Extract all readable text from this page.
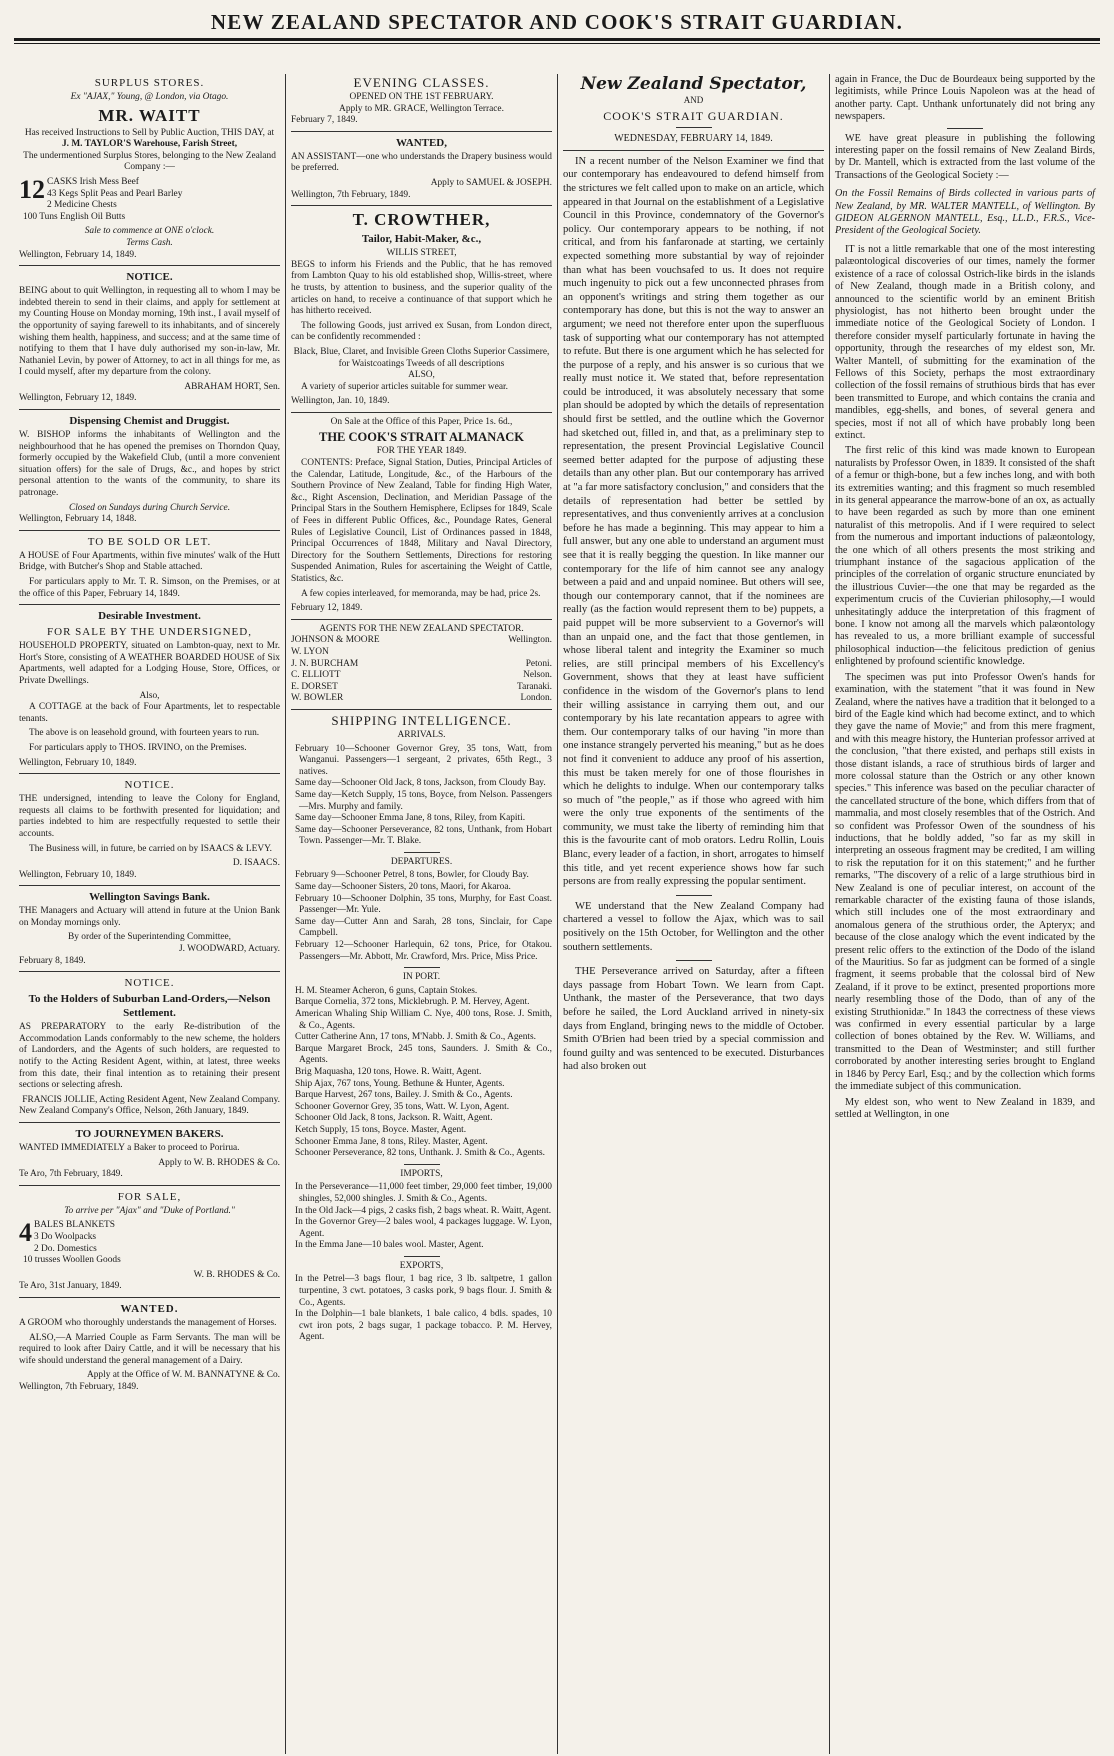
NEW ZEALAND SPECTATOR AND COOK'S STRAIT GUARDIAN.
SURPLUS STORES.
Ex "AJAX," Young, @ London, via Otago.
MR. WAITT
Has received Instructions to Sell by Public Auction, THIS DAY, at
J. M. TAYLOR'S Warehouse, Farish Street,
The undermentioned Surplus Stores, belonging to the New Zealand Company :—
12 CASKS Irish Mess Beef
43 Kegs Split Peas and Pearl Barley
2 Medicine Chests
100 Tuns English Oil Butts
Sale to commence at ONE o'clock.
Terms Cash.
Wellington, February 14, 1849.
NOTICE.

BEING about to quit Wellington, in requesting all to whom I may be indebted therein to send in their claims, and apply for settlement at my Counting House on Monday morning, 19th inst., I avail myself of the opportunity of saying farewell to its inhabitants, and of sincerely wishing them health, happiness, and success; and at the same time of notifying to them that I have duly authorised my son-in-law, Mr. Nathaniel Levin, by power of Attorney, to act in all things for me, as I could myself, after my departure from the colony.

ABRAHAM HORT, Sen.
Wellington, February 12, 1849.
Dispensing Chemist and Druggist.

W. BISHOP informs the inhabitants of Wellington and the neighbourhood that he has opened the premises on Thorndon Quay, formerly occupied by the Wakefield Club, (until a more convenient situation offers) for the sale of Drugs, &c., and hopes by strict personal attention to the wants of the community, to share its patronage.

Closed on Sundays during Church Service.
Wellington, February 14, 1848.
TO BE SOLD OR LET.

A HOUSE of Four Apartments, within five minutes' walk of the Hutt Bridge, with Butcher's Shop and Stable attached.

For particulars apply to Mr. T. R. Simson, on the Premises, or at the office of this Paper, February 14, 1849.

Desirable Investment.
FOR SALE BY THE UNDERSIGNED,

HOUSEHOLD PROPERTY, situated on Lambton-quay, next to Mr. Hort's Store, consisting of A WEATHER BOARDED HOUSE of Six Apartments, well adapted for a Lodging House, Store, Offices, or Private Dwellings.

Also,

A COTTAGE at the back of Four Apartments, let to respectable tenants.

The above is on leasehold ground, with fourteen years to run.

For particulars apply to THOS. IRVINO, on the Premises.

Wellington, February 10, 1849.
NOTICE.

THE undersigned, intending to leave the Colony for England, requests all claims to be forthwith presented for liquidation; and parties indebted to him are respectfully requested to settle their accounts.

The Business will, in future, be carried on by ISAACS & LEVY.

D. ISAACS.
Wellington, February 10, 1849.
Wellington Savings Bank.

THE Managers and Actuary will attend in future at the Union Bank on Monday mornings only.

By order of the Superintending Committee,
J. WOODWARD, Actuary.
February 8, 1849.
NOTICE.
To the Holders of Suburban Land-Orders,—Nelson Settlement.

AS PREPARATORY to the early Re-distribution of the Accommodation Lands conformably to the new scheme, the holders of Landorders, and the Agents of such holders, are requested to notify to the Acting Resident Agent, within, at latest, three weeks from this date, their final intention as to retaining their present sections or selecting afresh.

FRANCIS JOLLIE, Acting Resident Agent, New Zealand Company.
New Zealand Company's Office, Nelson, 26th January, 1849.
TO JOURNEYMEN BAKERS.

WANTED IMMEDIATELY a Baker to proceed to Porirua.

Apply to W. B. RHODES & Co.
Te Aro, 7th February, 1849.
FOR SALE,
To arrive per "Ajax" and "Duke of Portland."
4 BALES BLANKETS
3 Do Woolpacks
2 Do. Domestics
10 trusses Woollen Goods
W. B. RHODES & Co.
Te Aro, 31st January, 1849.
WANTED.

A GROOM who thoroughly understands the management of Horses.

ALSO,—A Married Couple as Farm Servants. The man will be required to look after Dairy Cattle, and it will be necessary that his wife should understand the general management of a Dairy.

Apply at the Office of W. M. BANNATYNE & Co.
Wellington, 7th February, 1849.
EVENING CLASSES.
OPENED ON THE 1ST FEBRUARY.
Apply to MR. GRACE, Wellington Terrace.
February 7, 1849.
WANTED,

AN ASSISTANT—one who understands the Drapery business would be preferred.

Apply to SAMUEL & JOSEPH.
Wellington, 7th February, 1849.
T. CROWTHER,
Tailor, Habit-Maker, &c.,
WILLIS STREET,

BEGS to inform his Friends and the Public, that he has removed from Lambton Quay to his old established shop, Willis-street, where he trusts, by attention to business, and the superior quality of the articles on hand, to receive a continuance of that support which he has hitherto received.

The following Goods, just arrived ex Susan, from London direct, can be confidently recommended :

Black, Blue, Claret, and Invisible Green Cloths Superior Cassimere, for Waistcoatings Tweeds of all descriptions
ALSO,

A variety of superior articles suitable for summer wear.

Wellington, Jan. 10, 1849.
On Sale at the Office of this Paper, Price 1s. 6d.,
THE COOK'S STRAIT ALMANACK
FOR THE YEAR 1849.

CONTENTS: Preface, Signal Station, Duties, Principal Articles of the Calendar, Latitude, Longitude, &c., of the Harbours of the Southern Province of New Zealand, Table for finding High Water, &c., Right Ascension, Declination, and Meridian Passage of the Principal Stars in the Southern Hemisphere, Eclipses for 1849, Scale of Fees in different Public Offices, &c., Poundage Rates, General Rules of Legislative Council, List of Ordinances passed in 1848, Principal Occurrences of 1848, Military and Naval Directory, Directory for the Southern Settlements, Directions for restoring Suspended Animation, Rules for ascertaining the Weight of Cattle, Statistics, &c.

A few copies interleaved, for memoranda, may be had, price 2s.

February 12, 1849.
AGENTS FOR THE NEW ZEALAND SPECTATOR.
JOHNSON & MOORE	Wellington.
W. LYON
J. N. BURCHAM	Petoni.
C. ELLIOTT	Nelson.
E. DORSET	Taranaki.
W. BOWLER	London.
SHIPPING INTELLIGENCE.
ARRIVALS.
February 10—Schooner Governor Grey, 35 tons, Watt, from Wanganui. Passengers—1 sergeant, 2 privates, 65th Regt., 3 natives.
Same day—Schooner Old Jack, 8 tons, Jackson, from Cloudy Bay.
Same day—Ketch Supply, 15 tons, Boyce, from Nelson. Passengers—Mrs. Murphy and family.
Same day—Schooner Emma Jane, 8 tons, Riley, from Kapiti.
Same day—Schooner Perseverance, 82 tons, Unthank, from Hobart Town. Passenger—Mr. T. Blake.
DEPARTURES.
February 9—Schooner Petrel, 8 tons, Bowler, for Cloudy Bay.
Same day—Schooner Sisters, 20 tons, Maori, for Akaroa.
February 10—Schooner Dolphin, 35 tons, Murphy, for East Coast. Passenger—Mr. Yule.
Same day—Cutter Ann and Sarah, 28 tons, Sinclair, for Cape Campbell.
February 12—Schooner Harlequin, 62 tons, Price, for Otakou. Passengers—Mr. Abbott, Mr. Crawford, Mrs. Price, Miss Price.
IN PORT.
H. M. Steamer Acheron, 6 guns, Captain Stokes.
Barque Cornelia, 372 tons, Micklebrugh. P. M. Hervey, Agent.
American Whaling Ship William C. Nye, 400 tons, Rose. J. Smith, & Co., Agents.
Cutter Catherine Ann, 17 tons, M'Nabb. J. Smith & Co., Agents.
Barque Margaret Brock, 245 tons, Saunders. J. Smith & Co., Agents.
Brig Maquasha, 120 tons, Howe. R. Waitt, Agent.
Ship Ajax, 767 tons, Young. Bethune & Hunter, Agents.
Barque Harvest, 267 tons, Bailey. J. Smith & Co., Agents.
Schooner Governor Grey, 35 tons, Watt. W. Lyon, Agent.
Schooner Old Jack, 8 tons, Jackson. R. Waitt, Agent.
Ketch Supply, 15 tons, Boyce. Master, Agent.
Schooner Emma Jane, 8 tons, Riley. Master, Agent.
Schooner Perseverance, 82 tons, Unthank. J. Smith & Co., Agents.
IMPORTS,
In the Perseverance—11,000 feet timber, 29,000 feet timber, 19,000 shingles, 52,000 shingles. J. Smith & Co., Agents.
In the Old Jack—4 pigs, 2 casks fish, 2 bags wheat. R. Waitt, Agent.
In the Governor Grey—2 bales wool, 4 packages luggage. W. Lyon, Agent.
In the Emma Jane—10 bales wool. Master, Agent.
EXPORTS,
In the Petrel—3 bags flour, 1 bag rice, 3 lb. saltpetre, 1 gallon turpentine, 3 cwt. potatoes, 3 casks pork, 9 bags flour. J. Smith & Co., Agents.
In the Dolphin—1 bale blankets, 1 bale calico, 4 bdls. spades, 10 cwt iron pots, 2 bags sugar, 1 package tobacco. P. M. Hervey, Agent.
New Zealand Spectator,
AND
COOK'S STRAIT GUARDIAN.
WEDNESDAY, FEBRUARY 14, 1849.

IN a recent number of the Nelson Examiner we find that our contemporary has endeavoured to defend himself from the strictures we felt called upon to make on an article, which appeared in that Journal on the establishment of a Legislative Council in this Province, condemnatory of the Governor's policy. Our contemporary appears to be nothing, if not critical, and from his fanfaronade at starting, we certainly expected something more substantial by way of rejoinder than what has been vouchsafed to us. It does not require much ingenuity to pick out a few unconnected phrases from an opponent's writings and string them together as our contemporary has done, but this is not the way to answer an argument; we need not therefore enter upon the superfluous task of supporting what our contemporary has not attempted to refute. But there is one argument which he has selected for the purpose of a reply, and his answer is so curious that we really must notice it. We stated that, before representation could be introduced, it was absolutely necessary that some plan should be adopted by which the details of representation should first be settled, and the outline which the Governor had sketched out, filled in, and that, as a preliminary step to representation, the present Provincial Legislative Council seemed better adapted for the purpose of adjusting these details than any other plan. But our contemporary has arrived at "a far more satisfactory conclusion," and considers that the details of representation had better be settled by representatives, and thus conveniently arrives at a conclusion before he has made a beginning. This may appear to him a full answer, but any one able to understand an argument must see that it is really begging the question. In like manner our contemporary for the life of him cannot see any analogy between a paid and and unpaid nominee. But others will see, though our contemporary cannot, that if the nominees are really (as the faction would represent them to be) puppets, a paid puppet will be more subservient to a Governor's will than an unpaid one, and the fact that those gentlemen, in whose liberal talent and integrity the Examiner so much relies, are still principal members of his Excellency's Government, shows that they at least have sufficient confidence in the wisdom of the Governor's plans to lend their willing assistance in carrying them out, and our contemporary by his late recantation appears to agree with them. Our contemporary talks of our having "in more than one instance strangely perverted his meaning," but as he does not find it convenient to adduce any proof of his assertion, this must be taken merely for one of those flourishes in which he delights to indulge. When our contemporary talks so much of "the people," as if those who agreed with him were the only true exponents of the sentiments of the community, we must take the liberty of reminding him that this is the favourite cant of mob orators. Ledru Rollin, Louis Blanc, every leader of a faction, in short, arrogates to himself this title, and yet recent experience shows how far such persons are from really expressing the popular sentiment.

WE understand that the New Zealand Company had chartered a vessel to follow the Ajax, which was to sail positively on the 15th October, for Wellington and the other southern settlements.

THE Perseverance arrived on Saturday, after a fifteen days passage from Hobart Town. We learn from Capt. Unthank, the master of the Perseverance, that two days before he sailed, the Lord Auckland arrived in ninety-six days from England, bringing news to the middle of October. Smith O'Brien had been tried by a special commission and found guilty and was sentenced to be executed. Disturbances had also broken out

again in France, the Duc de Bourdeaux being supported by the legitimists, while Prince Louis Napoleon was at the head of another party. Capt. Unthank unfortunately did not bring any newspapers.

WE have great pleasure in publishing the following interesting paper on the fossil remains of New Zealand Birds, by Dr. Mantell, which is extracted from the last volume of the Transactions of the Geological Society :—

On the Fossil Remains of Birds collected in various parts of New Zealand, by MR. WALTER MANTELL, of Wellington. By GIDEON ALGERNON MANTELL, Esq., LL.D., F.R.S., Vice-President of the Geological Society.

IT is not a little remarkable that one of the most interesting palæontological discoveries of our times, namely the former existence of a race of colossal Ostrich-like birds in the islands of New Zealand, though made in a British colony, and announced to the scientific world by an eminent British physiologist, has not hitherto been brought under the immediate notice of the Geological Society of London. I therefore consider myself particularly fortunate in having the opportunity, through the researches of my eldest son, Mr. Walter Mantell, of submitting for the examination of the Fellows of this Society, perhaps the most extraordinary collection of the fossil remains of struthious birds that has ever been transmitted to Europe, and which contains the crania and mandibles, egg-shells, and bones, of several genera and species, most if not all of which have probably long been extinct.

The first relic of this kind was made known to European naturalists by Professor Owen, in 1839. It consisted of the shaft of a femur or thigh-bone, but a few inches long, and with both its extremities wanting; and this fragment so much resembled in its general appearance the marrow-bone of an ox, as actually to have been regarded as such by more than one eminent naturalist of this metropolis. And if I were required to select from the numerous and important inductions of palæontology, the one which of all others presents the most striking and triumphant instance of the sagacious application of the principles of the correlation of organic structure enunciated by the illustrious Cuvier—the one that may be regarded as the experimentum crucis of the Cuvierian philosophy,—I would unhesitatingly adduce the interpretation of this fragment of bone. I know not among all the marvels which palæontology has revealed to us, a more brilliant example of successful philosophical induction—the felicitous prediction of genius enlightened by profound scientific knowledge.

The specimen was put into Professor Owen's hands for examination, with the statement "that it was found in New Zealand, where the natives have a tradition that it belonged to a bird of the Eagle kind which had become extinct, and to which they gave the name of Movie;" and from this mere fragment, and with this meagre history, the Hunterian professor arrived at the conclusion, "that there existed, and perhaps still exists in those distant islands, a race of struthious birds of larger and more colossal stature than the Ostrich or any other known species." This inference was based on the peculiar character of the cancellated structure of the bone, which differs from that of mammalia, and most closely resembles that of the Ostrich. And so confident was Professor Owen of the soundness of his inductions, that he boldly added, "so far as my skill in interpreting an osseous fragment may be credited, I am willing to risk the reputation for it on this statement;" and he further remarks, "The discovery of a relic of a large struthious bird in New Zealand is one of peculiar interest, on account of the remarkable character of the existing fauna of those islands, which still includes one of the most extraordinary and anomalous genera of the struthious order, the Apteryx; and because of the close analogy which the event indicated by the present relic offers to the extinction of the Dodo of the island of the Mauritius. So far as judgment can be formed of a single fragment, it seems probable that the colossal bird of New Zealand, if it prove to be extinct, presented proportions more nearly resembling those of the Dodo, than of any of the existing Struthionidæ." In 1843 the correctness of these views was confirmed in every essential particular by a large collection of bones obtained by the Rev. W. Williams, and transmitted to the Dean of Westminster; and still further corroborated by another interesting series brought to England in 1846 by Percy Earl, Esq.; and by the collection which forms the immediate subject of this communication.

My eldest son, who went to New Zealand in 1839, and settled at Wellington, in one
